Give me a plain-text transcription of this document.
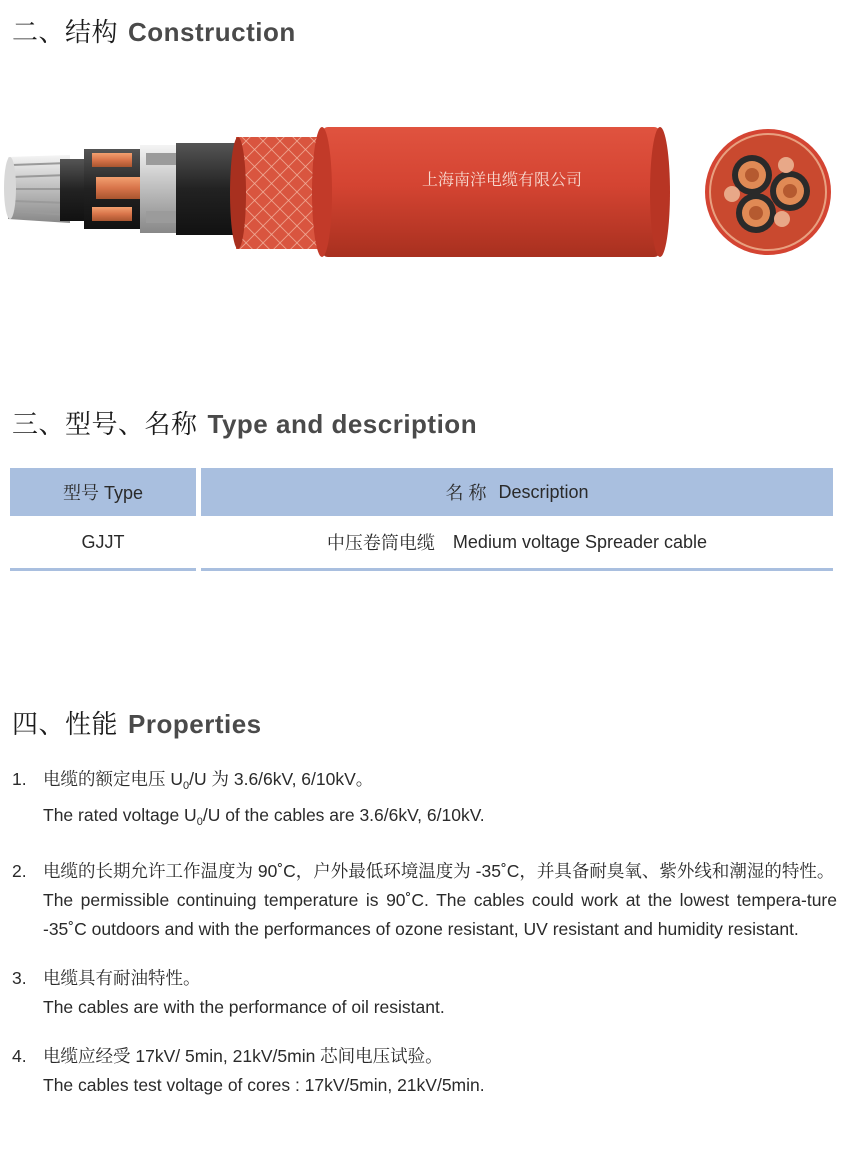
二、结构 Construction
上海南洋电缆有限公司
三、型号、名称 Type and description
型号 Type	名 称 Description
GJJT	中压卷筒电缆 Medium voltage Spreader cable
四、性能 Properties
1. 电缆的额定电压 $U_0/U$ 为 3.6/6kV, 6/10kV。
The rated voltage $U_0/U$ of the cables are 3.6/6kV, 6/10kV.
2. 电缆的长期允许工作温度为 90˚C，户外最低环境温度为 -35˚C，并具备耐臭氧、紫外线和潮湿的特性。
The permissible continuing temperature is 90˚C. The cables could work at the lowest tempera-ture -35˚C outdoors and with the performances of ozone resistant, UV resistant and humidity resistant.
3. 电缆具有耐油特性。
The cables are with the performance of oil resistant.
4. 电缆应经受 17kV/ 5min, 21kV/5min 芯间电压试验。
The cables test voltage of cores : 17kV/5min, 21kV/5min.
